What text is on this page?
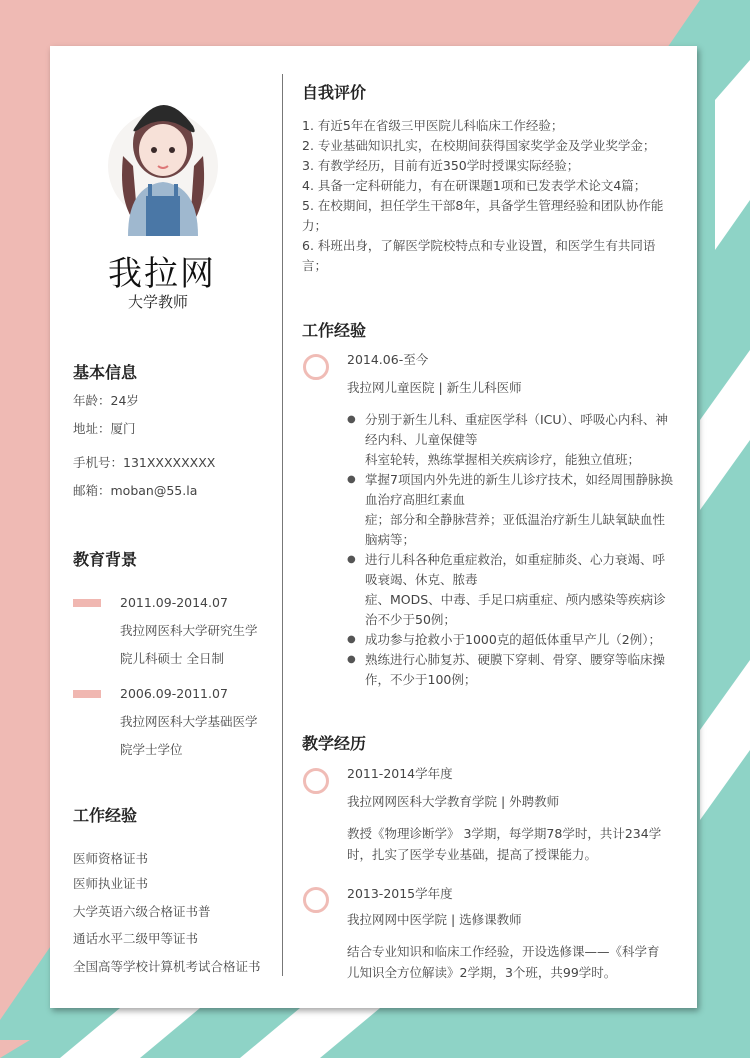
我拉网
大学教师
基本信息
年龄：24岁
地址：厦门
手机号：131XXXXXXXX
邮箱：moban@55.la
教育背景
2011.09-2014.07
我拉网医科大学研究生学
院儿科硕士 全日制
2006.09-2011.07
我拉网医科大学基础医学
院学士学位
工作经验
医师资格证书
医师执业证书
大学英语六级合格证书普
通话水平二级甲等证书
全国高等学校计算机考试合格证书
自我评价
1. 有近5年在省级三甲医院儿科临床工作经验；
2. 专业基础知识扎实，在校期间获得国家奖学金及学业奖学金；
3. 有教学经历，目前有近350学时授课实际经验；
4. 具备一定科研能力，有在研课题1项和已发表学术论文4篇；
5. 在校期间，担任学生干部8年，具备学生管理经验和团队协作能
力；
6. 科班出身，了解医学院校特点和专业设置，和医学生有共同语
言；
工作经验
2014.06-至今
我拉网儿童医院 | 新生儿科医师
● 分别于新生儿科、重症医学科（ICU）、呼吸心内科、神经内科、儿童保健等
科室轮转，熟练掌握相关疾病诊疗，能独立值班；
● 掌握7项国内外先进的新生儿诊疗技术，如经周围静脉换血治疗高胆红素血
症；部分和全静脉营养；亚低温治疗新生儿缺氧缺血性脑病等；
● 进行儿科各种危重症救治，如重症肺炎、心力衰竭、呼吸衰竭、休克、脓毒
症、MODS、中毒、手足口病重症、颅内感染等疾病诊治不少于50例；
● 成功参与抢救小于1000克的超低体重早产儿（2例）；
● 熟练进行心肺复苏、硬膜下穿刺、骨穿、腰穿等临床操作，不少于100例；
教学经历
2011-2014学年度
我拉网网医科大学教育学院 | 外聘教师
教授《物理诊断学》 3学期，每学期78学时，共计234学
时，扎实了医学专业基础，提高了授课能力。
2013-2015学年度
我拉网网中医学院 | 选修课教师
结合专业知识和临床工作经验，开设选修课——《科学育
儿知识全方位解读》2学期，3个班，共99学时。
